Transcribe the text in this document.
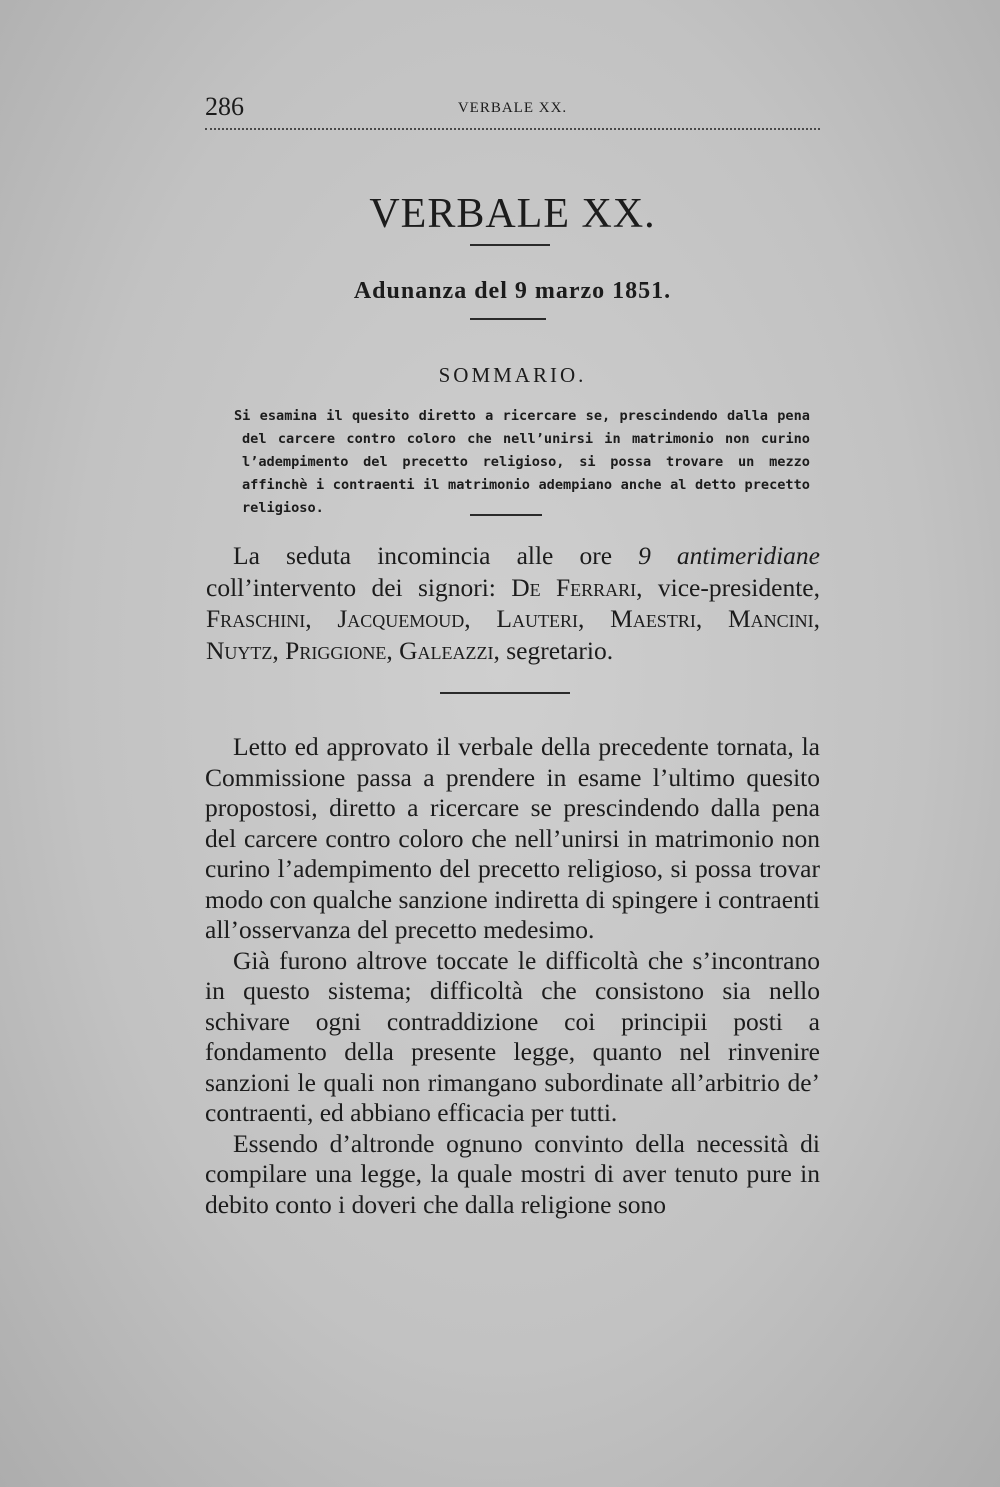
286	VERBALE XX.
VERBALE XX.
Adunanza del 9 marzo 1851.
SOMMARIO.
Si esamina il quesito diretto a ricercare se, prescindendo dalla pena del carcere contro coloro che nell’unirsi in matrimonio non curino l’adempimento del precetto religioso, si possa trovare un mezzo affinchè i contraenti il matrimonio adempiano anche al detto precetto religioso.
La seduta incomincia alle ore 9 antimeridiane coll’intervento dei signori: De Ferrari, vice-presidente, Fraschini, Jacquemoud, Lauteri, Maestri, Mancini, Nuytz, Priggione, Galeazzi, segretario.

Letto ed approvato il verbale della precedente tornata, la Commissione passa a prendere in esame l’ultimo quesito propostosi, diretto a ricercare se prescindendo dalla pena del carcere contro coloro che nell’unirsi in matrimonio non curino l’adempimento del precetto religioso, si possa trovar modo con qualche sanzione indiretta di spingere i contraenti all’osservanza del precetto medesimo.

Già furono altrove toccate le difficoltà che s’incontrano in questo sistema; difficoltà che consistono sia nello schivare ogni contraddizione coi principii posti a fondamento della presente legge, quanto nel rinvenire sanzioni le quali non rimangano subordinate all’arbitrio de’ contraenti, ed abbiano efficacia per tutti.

Essendo d’altronde ognuno convinto della necessità di compilare una legge, la quale mostri di aver tenuto pure in debito conto i doveri che dalla religione sono
